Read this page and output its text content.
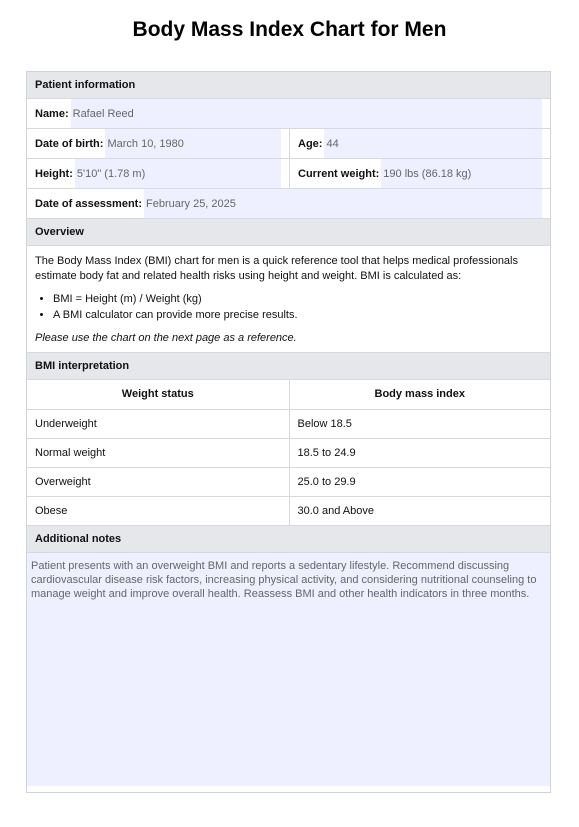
Body Mass Index Chart for Men
Patient information
Name: Rafael Reed
Date of birth: March 10, 1980	Age: 44
Height: 5'10" (1.78 m)	Current weight: 190 lbs (86.18 kg)
Date of assessment: February 25, 2025
Overview

The Body Mass Index (BMI) chart for men is a quick reference tool that helps medical professionals estimate body fat and related health risks using height and weight. BMI is calculated as:

• BMI = Height (m) / Weight (kg)
• A BMI calculator can provide more precise results.

Please use the chart on the next page as a reference.

BMI interpretation
Weight status	Body mass index
Underweight	Below 18.5
Normal weight	18.5 to 24.9
Overweight	25.0 to 29.9
Obese	30.0 and Above
Additional notes
Patient presents with an overweight BMI and reports a sedentary lifestyle. Recommend discussing cardiovascular disease risk factors, increasing physical activity, and considering nutritional counseling to manage weight and improve overall health. Reassess BMI and other health indicators in three months.
